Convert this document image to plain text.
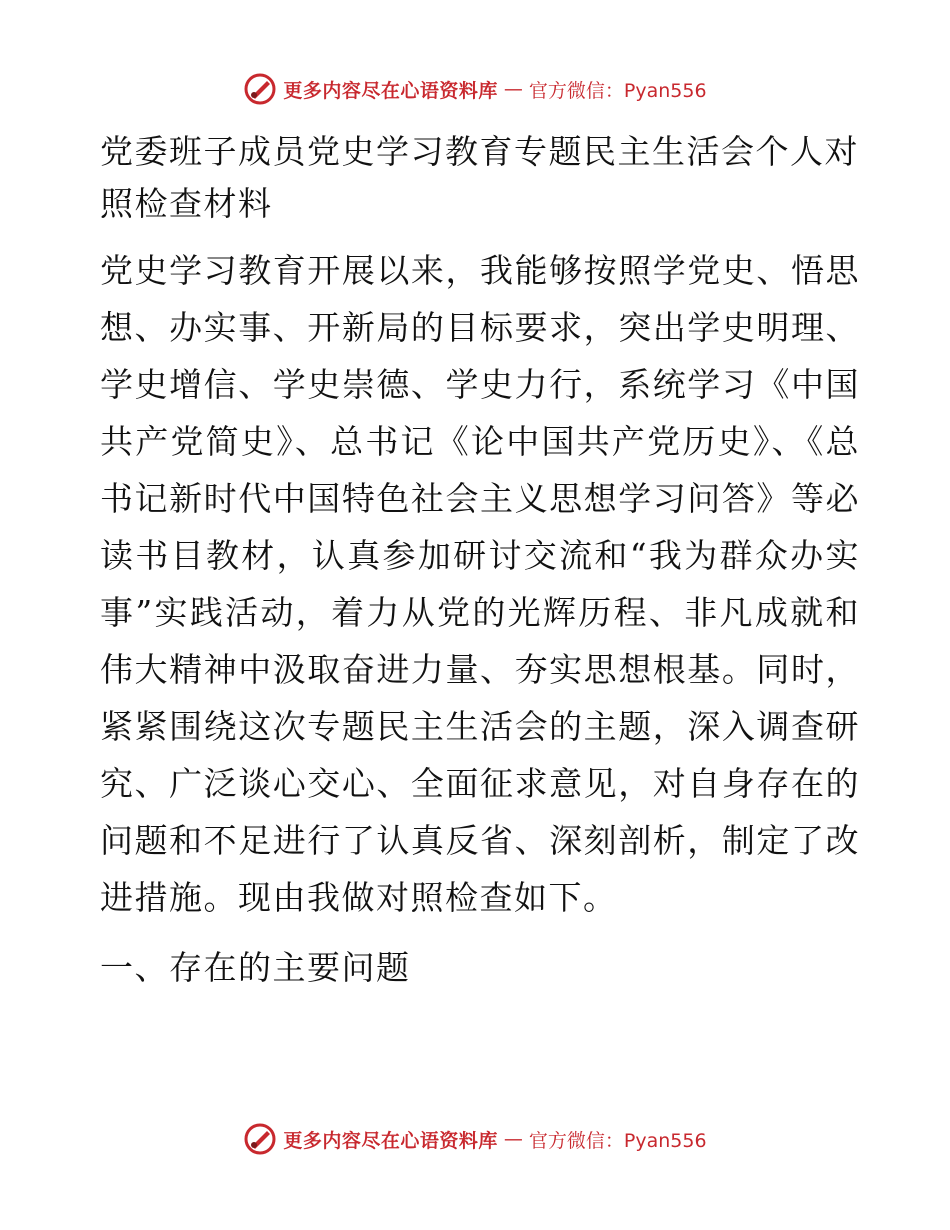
更多内容尽在心语资料库 — 官方微信：Pyan556
党委班子成员党史学习教育专题民主生活会个人对照检查材料

党史学习教育开展以来，我能够按照学党史、悟思想、办实事、开新局的目标要求，突出学史明理、学史增信、学史崇德、学史力行，系统学习《中国共产党简史》、总书记《论中国共产党历史》、《总书记新时代中国特色社会主义思想学习问答》等必读书目教材，认真参加研讨交流和“我为群众办实事”实践活动，着力从党的光辉历程、非凡成就和伟大精神中汲取奋进力量、夯实思想根基。同时，紧紧围绕这次专题民主生活会的主题，深入调查研究、广泛谈心交心、全面征求意见，对自身存在的问题和不足进行了认真反省、深刻剖析，制定了改进措施。现由我做对照检查如下。

一、存在的主要问题
更多内容尽在心语资料库 — 官方微信：Pyan556
